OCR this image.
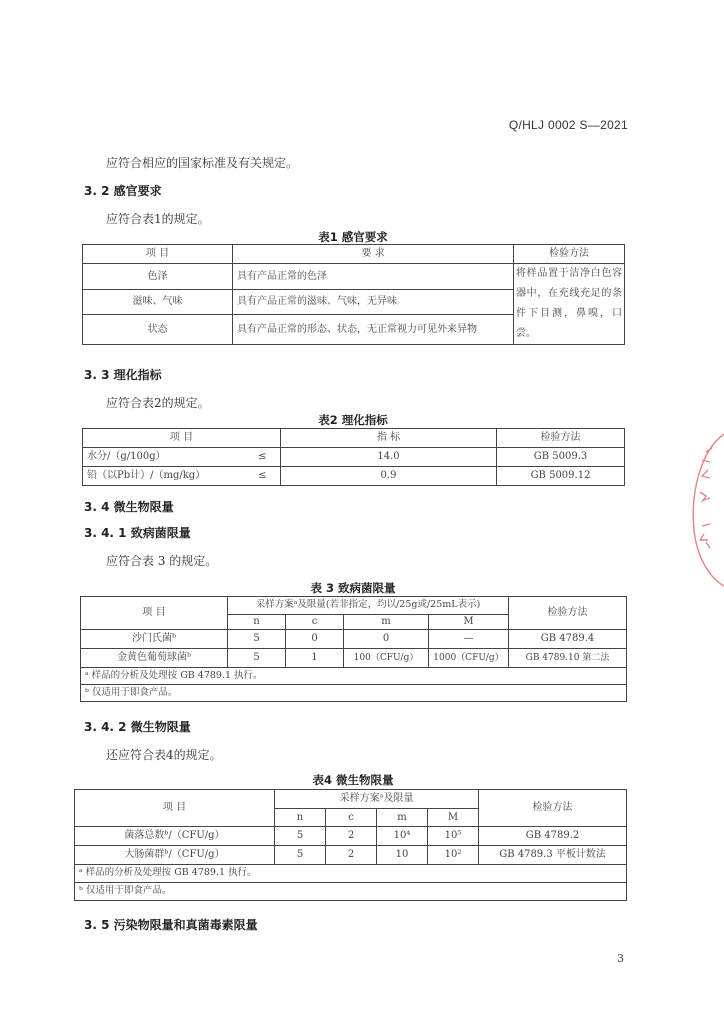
Q/HLJ 0002 S—2021
应符合相应的国家标准及有关规定。
3. 2 感官要求
应符合表1的规定。
表1 感官要求
项 目	要 求	检验方法
色泽	具有产品正常的色泽	将样品置于洁净白色容器中，在充线充足的条件下目测，鼻嗅，口尝。
滋味、气味	具有产品正常的滋味、气味，无异味	
状态	具有产品正常的形态、状态，无正常视力可见外来异物	
3. 3 理化指标
应符合表2的规定。
表2 理化指标
项 目		指 标	检验方法
水分/（g/100g）	≤	14.0	GB 5009.3
铅（以Pb计）/（mg/kg）	≤	0.9	GB 5009.12
3. 4 微生物限量
3. 4. 1 致病菌限量
应符合表 3 的规定。
表 3 致病菌限量
项 目	采样方案ᵃ及限量(若非指定，均以/25g或/25mL表示)				检验方法
	n	c	m	M	
沙门氏菌ᵇ	5	0	0	—	GB 4789.4
金黄色葡萄球菌ᵇ	5	1	100（CFU/g）	1000（CFU/g）	GB 4789.10 第二法
ᵃ 样品的分析及处理按 GB 4789.1 执行。					
ᵇ 仅适用于即食产品。					
3. 4. 2 微生物限量
还应符合表4的规定。
表4 微生物限量
项 目	采样方案ᵃ及限量				检验方法
	n	c	m	M	
菌落总数ᵇ/（CFU/g）	5	2	10⁴	10⁵	GB 4789.2
大肠菌群ᵇ/（CFU/g）	5	2	10	10²	GB 4789.3 平板计数法
ᵃ 样品的分析及处理按 GB 4789.1 执行。					
ᵇ 仅适用于即食产品。					
3. 5 污染物限量和真菌毒素限量
3
